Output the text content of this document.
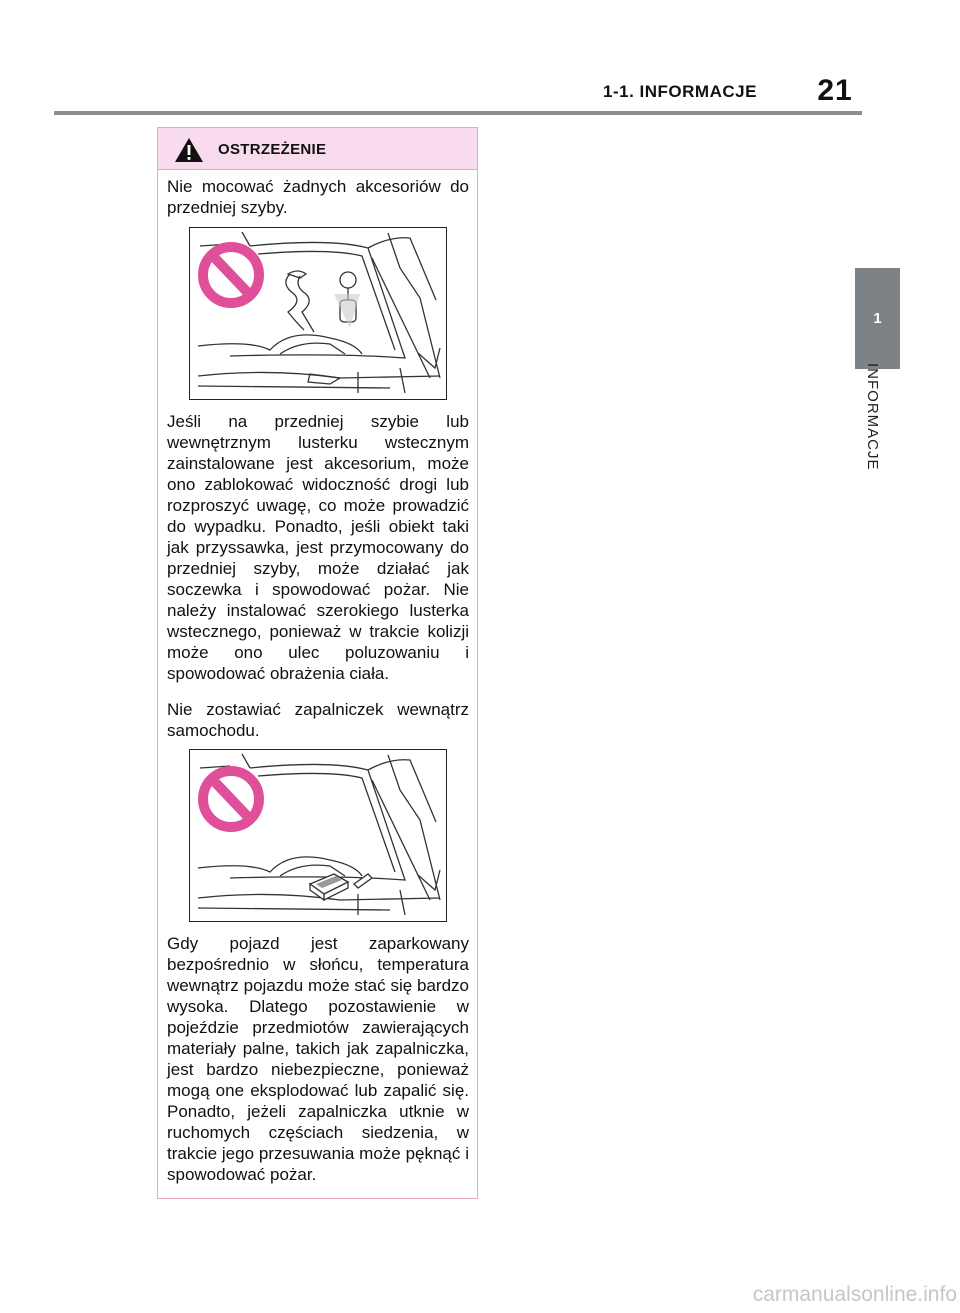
1-1. INFORMACJE	21
1
INFORMACJE
OSTRZEŻENIE

Nie mocować żadnych akcesoriów do przedniej szyby.

Jeśli na przedniej szybie lub wewnętrznym lusterku wstecznym zainstalowane jest akcesorium, może ono zablokować widoczność drogi lub rozproszyć uwagę, co może prowadzić do wypadku. Ponadto, jeśli obiekt taki jak przyssawka, jest przymocowany do przedniej szyby, może działać jak soczewka i spowodować pożar. Nie należy instalować szerokiego lusterka wstecznego, ponieważ w trakcie kolizji może ono ulec poluzowaniu i spowodować obrażenia ciała.

Nie zostawiać zapalniczek wewnątrz samochodu.

Gdy pojazd jest zaparkowany bezpośrednio w słońcu, temperatura wewnątrz pojazdu może stać się bardzo wysoka. Dlatego pozostawienie w pojeździe przedmiotów zawierających materiały palne, takich jak zapalniczka, jest bardzo niebezpieczne, ponieważ mogą one eksplodować lub zapalić się. Ponadto, jeżeli zapalniczka utknie w ruchomych częściach siedzenia, w trakcie jego przesuwania może pęknąć i spowodować pożar.

carmanualsonline.info
